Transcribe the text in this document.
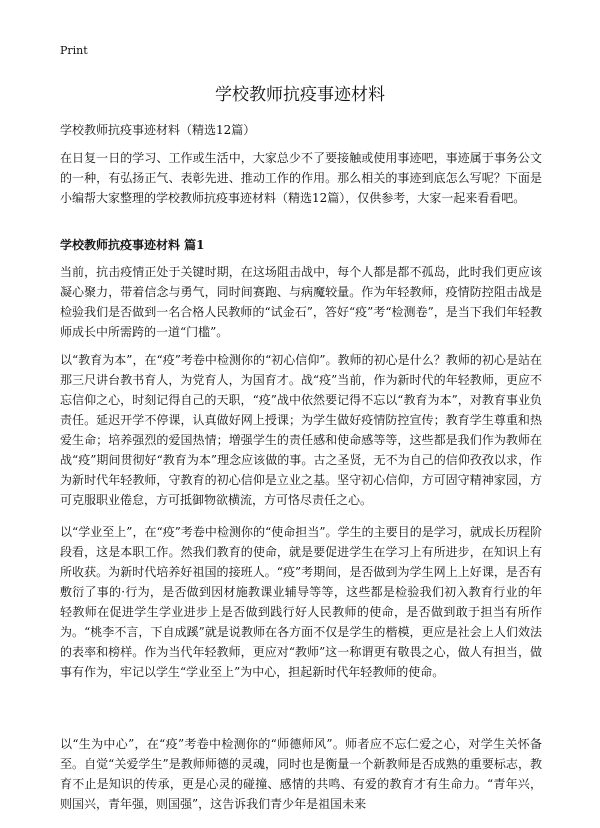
Print
学校教师抗疫事迹材料

学校教师抗疫事迹材料（精选12篇）

在日复一日的学习、工作或生活中，大家总少不了要接触或使用事迹吧，事迹属于事务公文的一种，有弘扬正气、表彰先进、推动工作的作用。那么相关的事迹到底怎么写呢？下面是小编帮大家整理的学校教师抗疫事迹材料（精选12篇），仅供参考，大家一起来看看吧。

学校教师抗疫事迹材料 篇1

当前，抗击疫情正处于关键时期，在这场阻击战中，每个人都是都不孤岛，此时我们更应该凝心聚力，带着信念与勇气，同时间赛跑、与病魔较量。作为年轻教师，疫情防控阻击战是检验我们是否做到一名合格人民教师的“试金石”，答好“疫”考“检测卷”，是当下我们年轻教师成长中所需跨的一道“门槛”。

以“教育为本”，在“疫”考卷中检测你的“初心信仰”。教师的初心是什么？教师的初心是站在那三尺讲台教书育人，为党育人，为国育才。战“疫”当前，作为新时代的年轻教师，更应不忘信仰之心，时刻记得自己的天职，“疫”战中依然要记得不忘以“教育为本”，对教育事业负责任。延迟开学不停课，认真做好网上授课；为学生做好疫情防控宣传；教育学生尊重和热爱生命；培养强烈的爱国热情；增强学生的责任感和使命感等等，这些都是我们作为教师在战“疫”期间贯彻好“教育为本”理念应该做的事。古之圣贤，无不为自己的信仰孜孜以求，作为新时代年轻教师，守教育的初心信仰是立业之基。坚守初心信仰，方可固守精神家园，方可克服职业倦怠，方可抵御物欲横流，方可恪尽责任之心。

以“学业至上”，在“疫”考卷中检测你的“使命担当”。学生的主要目的是学习，就成长历程阶段看，这是本职工作。然我们教育的使命，就是要促进学生在学习上有所进步，在知识上有所收获。为新时代培养好祖国的接班人。“疫”考期间，是否做到为学生网上上好课，是否有敷衍了事的·行为，是否做到因材施教课业辅导等等，这些都是检验我们初入教育行业的年轻教师在促进学生学业进步上是否做到践行好人民教师的使命，是否做到敢于担当有所作为。“桃李不言，下自成蹊”就是说教师在各方面不仅是学生的楷模，更应是社会上人们效法的表率和榜样。作为当代年轻教师，更应对“教师”这一称谓更有敬畏之心，做人有担当，做事有作为，牢记以学生“学业至上”为中心，担起新时代年轻教师的使命。

以“生为中心”，在“疫”考卷中检测你的“师德师风”。师者应不忘仁爱之心，对学生关怀备至。自觉“关爱学生”是教师师德的灵魂，同时也是衡量一个新教师是否成熟的重要标志，教育不止是知识的传承，更是心灵的碰撞、感情的共鸣、有爱的教育才有生命力。“青年兴，则国兴，青年强，则国强”，这告诉我们青少年是祖国未来
